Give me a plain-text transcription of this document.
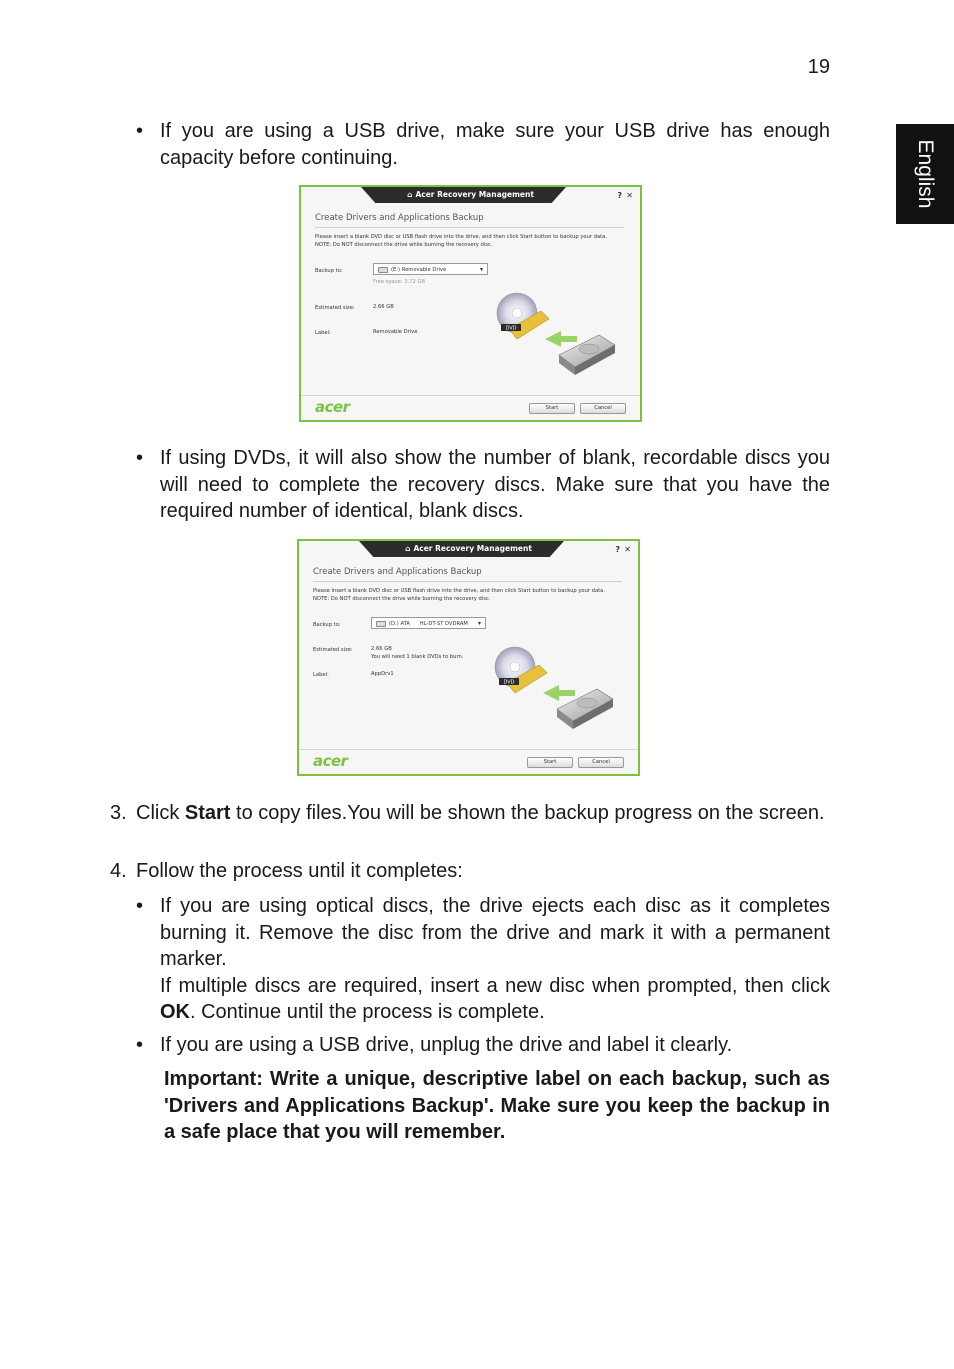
19
English
• If you are using a USB drive, make sure your USB drive has enough capacity before continuing.
⌂ Acer Recovery Management	? ✕
Create Drivers and Applications Backup
Please insert a blank DVD disc or USB flash drive into the drive, and then click Start button to backup your data. NOTE: Do NOT disconnect the drive while burning the recovery disc.
Backup to:	(E:) Removable Drive	▾
Free space: 3.72 GB
Estimated size:	2.66 GB
Label:	Removable Drive
DVD
acer	Start	Cancel
• If using DVDs, it will also show the number of blank, recordable discs you will need to complete the recovery discs. Make sure that you have the required number of identical, blank discs.
⌂ Acer Recovery Management	? ✕
Create Drivers and Applications Backup
Please insert a blank DVD disc or USB flash drive into the drive, and then click Start button to backup your data. NOTE: Do NOT disconnect the drive while burning the recovery disc.
Backup to:	(D:) ATA      HL-DT-ST DVDRAM ▾
Estimated size:	2.66 GB
You will need 1 blank DVDs to burn.
Label:	AppDrv1
DVD
acer	Start	Cancel
3. Click Start to copy files.You will be shown the backup progress on the screen.
4. Follow the process until it completes:
• If you are using optical discs, the drive ejects each disc as it completes burning it. Remove the disc from the drive and mark it with a permanent marker.
If multiple discs are required, insert a new disc when prompted, then click OK. Continue until the process is complete.
• If you are using a USB drive, unplug the drive and label it clearly.
Important: Write a unique, descriptive label on each backup, such as 'Drivers and Applications Backup'. Make sure you keep the backup in a safe place that you will remember.
